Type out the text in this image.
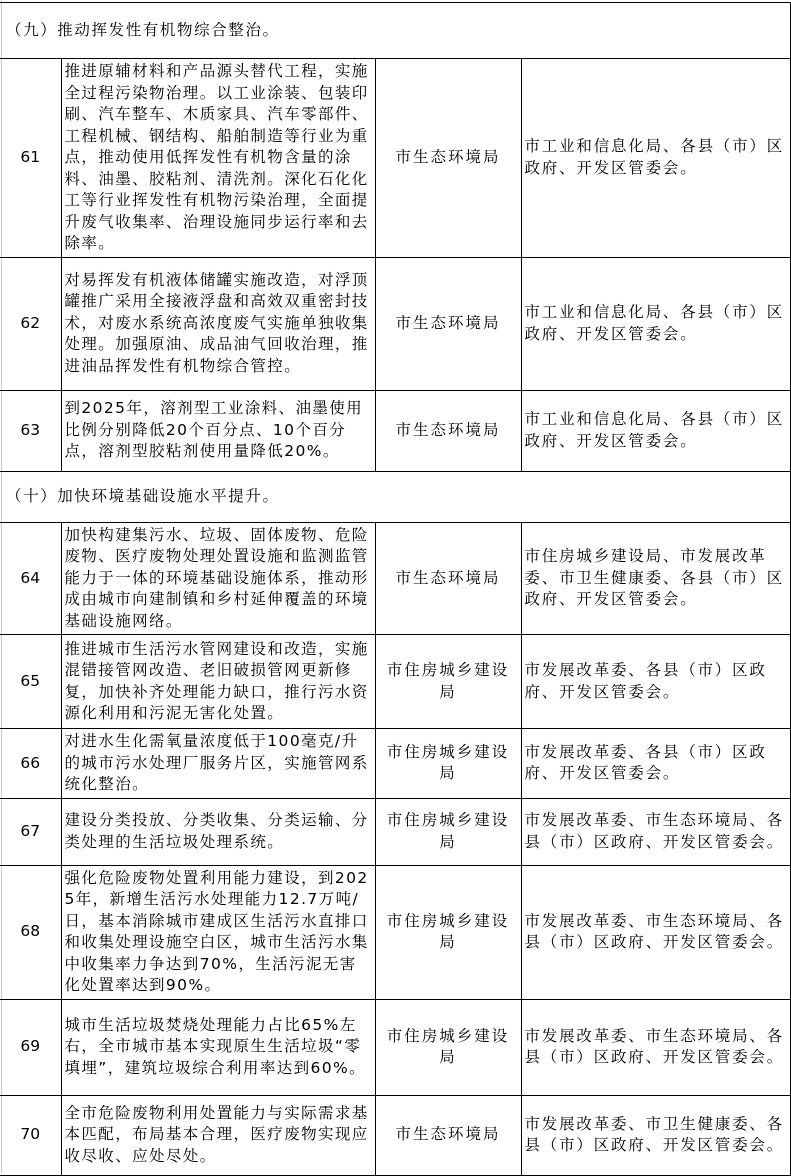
（九）推动挥发性有机物综合整治。			
61	推进原辅材料和产品源头替代工程，实施全过程污染物治理。以工业涂装、包装印刷、汽车整车、木质家具、汽车零部件、工程机械、钢结构、船舶制造等行业为重点，推动使用低挥发性有机物含量的涂料、油墨、胶粘剂、清洗剂。深化石化化工等行业挥发性有机物污染治理，全面提升废气收集率、治理设施同步运行率和去除率。	市生态环境局	市工业和信息化局、各县（市）区政府、开发区管委会。
62	对易挥发有机液体储罐实施改造，对浮顶罐推广采用全接液浮盘和高效双重密封技术，对废水系统高浓度废气实施单独收集处理。加强原油、成品油气回收治理，推进油品挥发性有机物综合管控。	市生态环境局	市工业和信息化局、各县（市）区政府、开发区管委会。
63	到2025年，溶剂型工业涂料、油墨使用比例分别降低20个百分点、10个百分点，溶剂型胶粘剂使用量降低20%。	市生态环境局	市工业和信息化局、各县（市）区政府、开发区管委会。
（十）加快环境基础设施水平提升。			
64	加快构建集污水、垃圾、固体废物、危险废物、医疗废物处理处置设施和监测监管能力于一体的环境基础设施体系，推动形成由城市向建制镇和乡村延伸覆盖的环境基础设施网络。	市生态环境局	市住房城乡建设局、市发展改革委、市卫生健康委、各县（市）区政府、开发区管委会。
65	推进城市生活污水管网建设和改造，实施混错接管网改造、老旧破损管网更新修复，加快补齐处理能力缺口，推行污水资源化利用和污泥无害化处置。	市住房城乡建设局	市发展改革委、各县（市）区政府、开发区管委会。
66	对进水生化需氧量浓度低于100毫克/升的城市污水处理厂服务片区，实施管网系统化整治。	市住房城乡建设局	市发展改革委、各县（市）区政府、开发区管委会。
67	建设分类投放、分类收集、分类运输、分类处理的生活垃圾处理系统。	市住房城乡建设局	市发展改革委、市生态环境局、各县（市）区政府、开发区管委会。
68	强化危险废物处置利用能力建设，到2025年，新增生活污水处理能力12.7万吨/日，基本消除城市建成区生活污水直排口和收集处理设施空白区，城市生活污水集中收集率力争达到70%，生活污泥无害化处置率达到90%。	市住房城乡建设局	市发展改革委、市生态环境局、各县（市）区政府、开发区管委会。
69	城市生活垃圾焚烧处理能力占比65%左右，全市城市基本实现原生生活垃圾“零填埋”，建筑垃圾综合利用率达到60%。	市住房城乡建设局	市发展改革委、市生态环境局、各县（市）区政府、开发区管委会。
70	全市危险废物利用处置能力与实际需求基本匹配，布局基本合理，医疗废物实现应收尽收、应处尽处。	市生态环境局	市发展改革委、市卫生健康委、各县（市）区政府、开发区管委会。
